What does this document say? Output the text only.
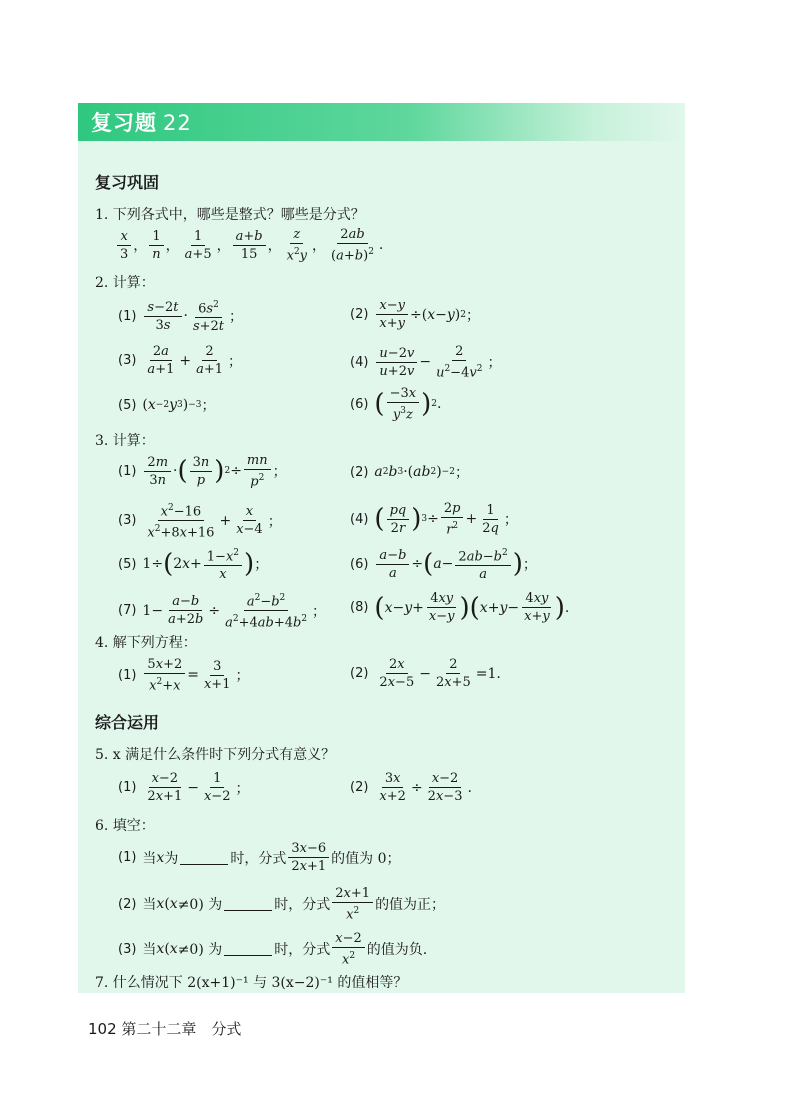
复习题 22
复习巩固
1. 下列各式中，哪些是整式？哪些是分式？
$\frac{x}{3}$ ， $\frac{1}{n}$ ， $\frac{1}{a+5}$ ， $\frac{a+b}{15}$ ， $\frac{z}{x^2y}$ ， $\frac{2ab}{(a+b)^2}$ .
2. 计算：
$(1) \frac{s-2t}{3s} \cdot \frac{6s^2}{s+2t}$ ；	$(2) \frac{x-y}{x+y}$ ÷( x − y ) 2 ；
$(3) \frac{2a}{a+1} + \frac{2}{a+1}$ ；	$(4) \frac{u-2v}{u+2v} - \frac{2}{u^2-4v^2}$ ；
(5) ( x −2 y 3 ) −3 ；	(6) ( $\frac{-3x}{y^3z}$ ) 2 .
3. 计算：
$(1) \frac{2m}{3n}$ · ( $\frac{3n}{p}$ ) $2 \div \frac{mn}{p^2}$ ；	(2) a 2 b 3 ·( ab 2 ) −2 ；
$(3) \frac{x^2-16}{x^2+8x+16} + \frac{x}{x-4}$ ；	(4) ( $\frac{pq}{2r}$ ) $3 \div \frac{2p}{r^2} + \frac{1}{2q}$ ；
(5) 1÷ ( 2 $x + \frac{1-x^2}{x}$ ) ；	$(6) \frac{a-b}{a}$ ÷ ( $a - \frac{2ab-b^2}{a}$ ) ；
(7) $1- \frac{a-b}{a+2b} \div \frac{a^2-b^2}{a^2+4ab+4b^2}$ ； (8) ( $x - y + \frac{4xy}{x-y}$ ) ( $x + y - \frac{4xy}{x+y}$ ) .
4. 解下列方程：
$(1) \frac{5x+2}{x^2+x} = \frac{3}{x+1}$ ；	$(2) \frac{2x}{2x-5} - \frac{2}{2x+5} =1$.
综合运用
5. x 满足什么条件时下列分式有意义？
$(1) \frac{x-2}{2x+1} - \frac{1}{x-2}$ ；	$(2) \frac{3x}{x+2} \div \frac{x-2}{2x-3}$ .
6. 填空：
(1) 当 x 为	时，分式 $\frac{3x-6}{2x+1}$ 的值为 0；
(2) 当 x ( x ≠0) 为	时，分式 $\frac{2x+1}{x^2}$ 的值为正；
(3) 当 x ( x ≠0) 为	时，分式 $\frac{x-2}{x^2}$ 的值为负.
7. 什么情况下 2(x+1)⁻¹ 与 3(x−2)⁻¹ 的值相等？
102 第二十二章　分式
